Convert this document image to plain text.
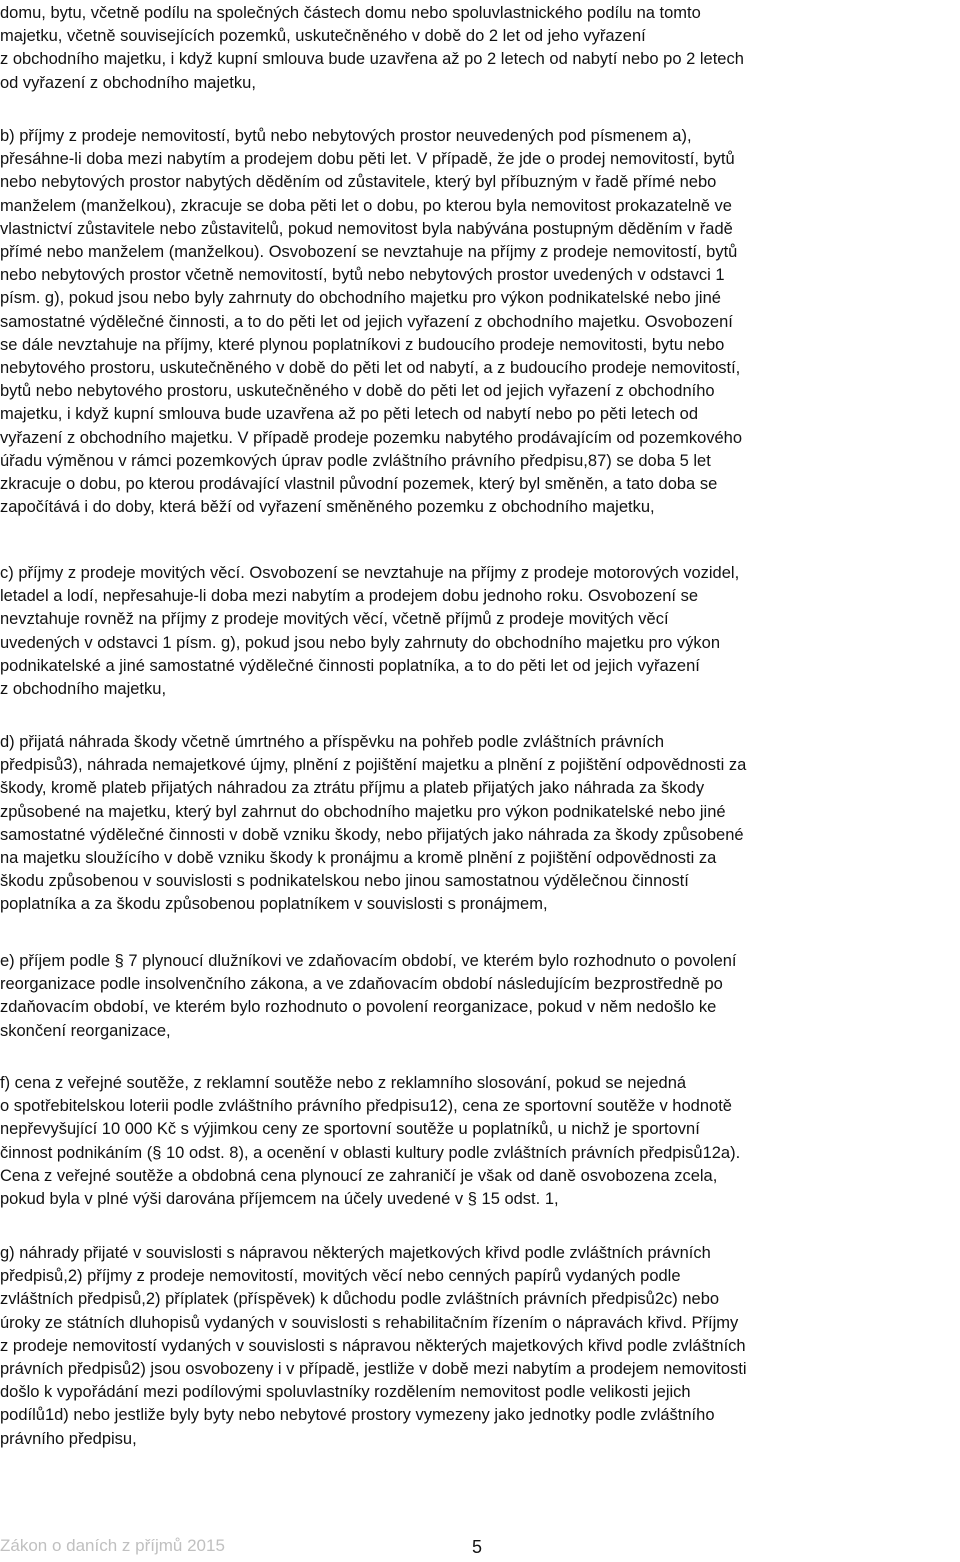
domu, bytu, včetně podílu na společných částech domu nebo spoluvlastnického podílu na tomto
majetku, včetně souvisejících pozemků, uskutečněného v době do 2 let od jeho vyřazení
z obchodního majetku, i když kupní smlouva bude uzavřena až po 2 letech od nabytí nebo po 2 letech
od vyřazení z obchodního majetku,
b) příjmy z prodeje nemovitostí, bytů nebo nebytových prostor neuvedených pod písmenem a),
přesáhne-li doba mezi nabytím a prodejem dobu pěti let. V případě, že jde o prodej nemovitostí, bytů
nebo nebytových prostor nabytých děděním od zůstavitele, který byl příbuzným v řadě přímé nebo
manželem (manželkou), zkracuje se doba pěti let o dobu, po kterou byla nemovitost prokazatelně ve
vlastnictví zůstavitele nebo zůstavitelů, pokud nemovitost byla nabývána postupným děděním v řadě
přímé nebo manželem (manželkou). Osvobození se nevztahuje na příjmy z prodeje nemovitostí, bytů
nebo nebytových prostor včetně nemovitostí, bytů nebo nebytových prostor uvedených v odstavci 1
písm. g), pokud jsou nebo byly zahrnuty do obchodního majetku pro výkon podnikatelské nebo jiné
samostatné výdělečné činnosti, a to do pěti let od jejich vyřazení z obchodního majetku. Osvobození
se dále nevztahuje na příjmy, které plynou poplatníkovi z budoucího prodeje nemovitosti, bytu nebo
nebytového prostoru, uskutečněného v době do pěti let od nabytí, a z budoucího prodeje nemovitostí,
bytů nebo nebytového prostoru, uskutečněného v době do pěti let od jejich vyřazení z obchodního
majetku, i když kupní smlouva bude uzavřena až po pěti letech od nabytí nebo po pěti letech od
vyřazení z obchodního majetku. V případě prodeje pozemku nabytého prodávajícím od pozemkového
úřadu výměnou v rámci pozemkových úprav podle zvláštního právního předpisu,87) se doba 5 let
zkracuje o dobu, po kterou prodávající vlastnil původní pozemek, který byl směněn, a tato doba se
započítává i do doby, která běží od vyřazení směněného pozemku z obchodního majetku,
c) příjmy z prodeje movitých věcí. Osvobození se nevztahuje na příjmy z prodeje motorových vozidel,
letadel a lodí, nepřesahuje-li doba mezi nabytím a prodejem dobu jednoho roku. Osvobození se
nevztahuje rovněž na příjmy z prodeje movitých věcí, včetně příjmů z prodeje movitých věcí
uvedených v odstavci 1 písm. g), pokud jsou nebo byly zahrnuty do obchodního majetku pro výkon
podnikatelské a jiné samostatné výdělečné činnosti poplatníka, a to do pěti let od jejich vyřazení
z obchodního majetku,
d) přijatá náhrada škody včetně úmrtného a příspěvku na pohřeb podle zvláštních právních
předpisů3), náhrada nemajetkové újmy, plnění z pojištění majetku a plnění z pojištění odpovědnosti za
škody, kromě plateb přijatých náhradou za ztrátu příjmu a plateb přijatých jako náhrada za škody
způsobené na majetku, který byl zahrnut do obchodního majetku pro výkon podnikatelské nebo jiné
samostatné výdělečné činnosti v době vzniku škody, nebo přijatých jako náhrada za škody způsobené
na majetku sloužícího v době vzniku škody k pronájmu a kromě plnění z pojištění odpovědnosti za
škodu způsobenou v souvislosti s podnikatelskou nebo jinou samostatnou výdělečnou činností
poplatníka a za škodu způsobenou poplatníkem v souvislosti s pronájmem,
e) příjem podle § 7 plynoucí dlužníkovi ve zdaňovacím období, ve kterém bylo rozhodnuto o povolení
reorganizace podle insolvenčního zákona, a ve zdaňovacím období následujícím bezprostředně po
zdaňovacím období, ve kterém bylo rozhodnuto o povolení reorganizace, pokud v něm nedošlo ke
skončení reorganizace,
f) cena z veřejné soutěže, z reklamní soutěže nebo z reklamního slosování, pokud se nejedná
o spotřebitelskou loterii podle zvláštního právního předpisu12), cena ze sportovní soutěže v hodnotě
nepřevyšující 10 000 Kč s výjimkou ceny ze sportovní soutěže u poplatníků, u nichž je sportovní
činnost podnikáním (§ 10 odst. 8), a ocenění v oblasti kultury podle zvláštních právních předpisů12a).
Cena z veřejné soutěže a obdobná cena plynoucí ze zahraničí je však od daně osvobozena zcela,
pokud byla v plné výši darována příjemcem na účely uvedené v § 15 odst. 1,
g) náhrady přijaté v souvislosti s nápravou některých majetkových křivd podle zvláštních právních
předpisů,2) příjmy z prodeje nemovitostí, movitých věcí nebo cenných papírů vydaných podle
zvláštních předpisů,2) příplatek (příspěvek) k důchodu podle zvláštních právních předpisů2c) nebo
úroky ze státních dluhopisů vydaných v souvislosti s rehabilitačním řízením o nápravách křivd. Příjmy
z prodeje nemovitostí vydaných v souvislosti s nápravou některých majetkových křivd podle zvláštních
právních předpisů2) jsou osvobozeny i v případě, jestliže v době mezi nabytím a prodejem nemovitosti
došlo k vypořádání mezi podílovými spoluvlastníky rozdělením nemovitost podle velikosti jejich
podílů1d) nebo jestliže byly byty nebo nebytové prostory vymezeny jako jednotky podle zvláštního
právního předpisu,
Zákon o daních z příjmů 2015	5
